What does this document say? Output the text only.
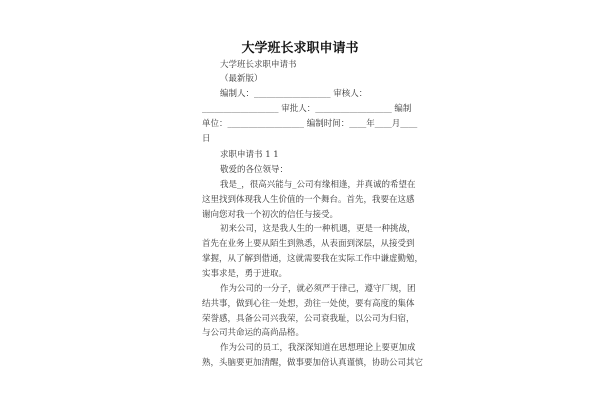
大学班长求职申请书
大学班长求职申请书
（最新版）
编制人：__________________ 审核人：
__________________ 审批人：__________________ 编制
单位：__________________ 编制时间：____年____月____
日
求职申请书 1 1
敬爱的各位领导：
我是_，很高兴能与_公司有缘相逢，并真诚的希望在
这里找到体现我人生价值的一个舞台。首先，我要在这感
谢向您对我一个初次的信任与接受。
初来公司，这是我人生的一种机遇，更是一种挑战，
首先在业务上要从陌生到熟悉，从表面到深层，从接受到
掌握，从了解到借通，这就需要我在实际工作中谦虚勤勉，
实事求是，勇于进取。
作为公司的一分子，就必须严于律己，遵守厂规，团
结共事，做到心往一处想，劲往一处使，要有高度的集体
荣誉感，具备公司兴我荣，公司衰我耻，以公司为归宿，
与公司共命运的高尚品格。
作为公司的员工，我深深知道在思想理论上要更加成
熟，头脑要更加清醒，做事要加倍认真谨慎，协助公司其它
